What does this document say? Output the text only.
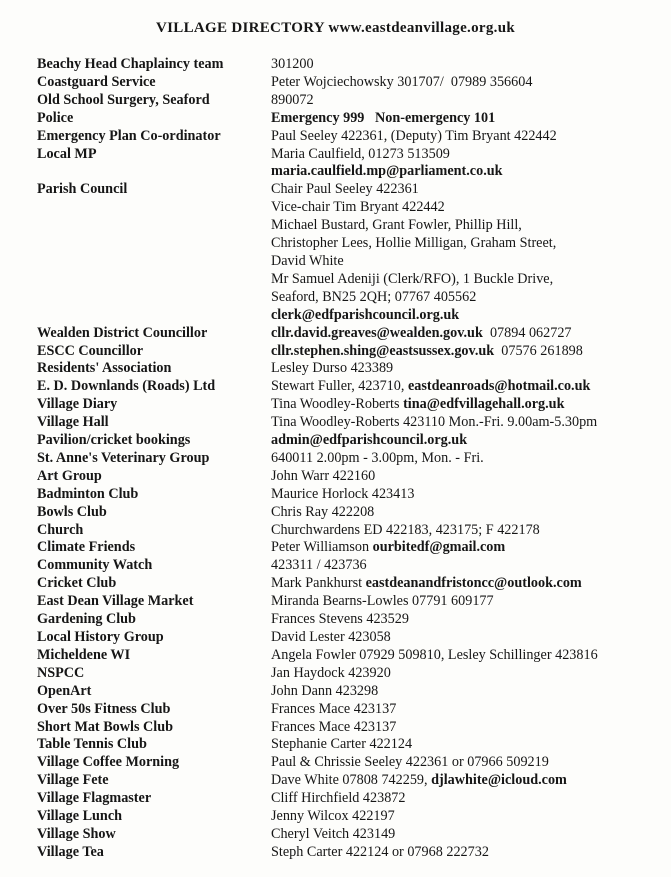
VILLAGE DIRECTORY www.eastdeanvillage.org.uk
Beachy Head Chaplaincy team	301200
Coastguard Service	Peter Wojciechowsky 301707/  07989 356604
Old School Surgery, Seaford	890072
Police	Emergency 999   Non-emergency 101
Emergency Plan Co-ordinator	Paul Seeley 422361, (Deputy) Tim Bryant 422442
Local MP	Maria Caulfield, 01273 513509
maria.caulfield.mp@parliament.co.uk
Parish Council	Chair Paul Seeley 422361
Vice-chair Tim Bryant 422442
Michael Bustard, Grant Fowler, Phillip Hill,
Christopher Lees, Hollie Milligan, Graham Street,
David White
Mr Samuel Adeniji (Clerk/RFO), 1 Buckle Drive,
Seaford, BN25 2QH; 07767 405562
clerk@edfparishcouncil.org.uk
Wealden District Councillor	cllr.david.greaves@wealden.gov.uk  07894 062727
ESCC Councillor	cllr.stephen.shing@eastsussex.gov.uk  07576 261898
Residents' Association	Lesley Durso 423389
E. D. Downlands (Roads) Ltd	Stewart Fuller, 423710, eastdeanroads@hotmail.co.uk
Village Diary	Tina Woodley-Roberts tina@edfvillagehall.org.uk
Village Hall	Tina Woodley-Roberts 423110 Mon.-Fri. 9.00am-5.30pm
Pavilion/cricket bookings	admin@edfparishcouncil.org.uk
St. Anne's Veterinary Group	640011 2.00pm - 3.00pm, Mon. - Fri.
Art Group	John Warr 422160
Badminton Club	Maurice Horlock 423413
Bowls Club	Chris Ray 422208
Church	Churchwardens ED 422183, 423175; F 422178
Climate Friends	Peter Williamson ourbitedf@gmail.com
Community Watch	423311 / 423736
Cricket Club	Mark Pankhurst eastdeanandfristoncc@outlook.com
East Dean Village Market	Miranda Bearns-Lowles 07791 609177
Gardening Club	Frances Stevens 423529
Local History Group	David Lester 423058
Micheldene WI	Angela Fowler 07929 509810, Lesley Schillinger 423816
NSPCC	Jan Haydock 423920
OpenArt	John Dann 423298
Over 50s Fitness Club	Frances Mace 423137
Short Mat Bowls Club	Frances Mace 423137
Table Tennis Club	Stephanie Carter 422124
Village Coffee Morning	Paul & Chrissie Seeley 422361 or 07966 509219
Village Fete	Dave White 07808 742259, djlawhite@icloud.com
Village Flagmaster	Cliff Hirchfield 423872
Village Lunch	Jenny Wilcox 422197
Village Show	Cheryl Veitch 423149
Village Tea	Steph Carter 422124 or 07968 222732
